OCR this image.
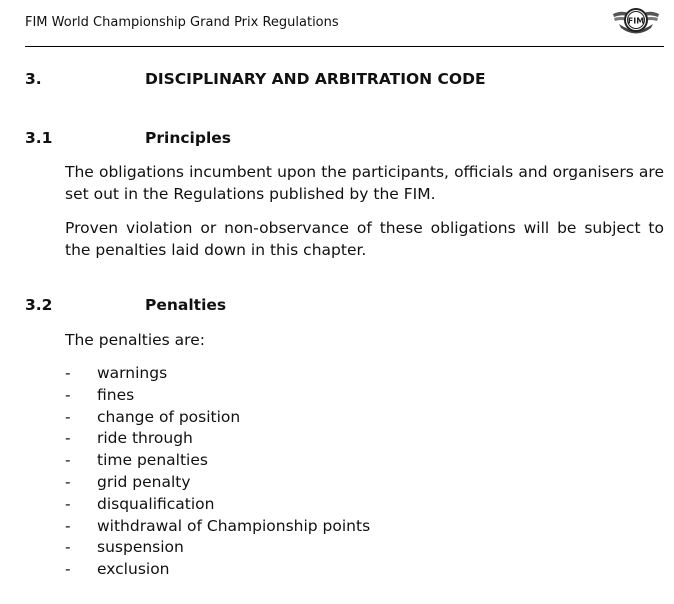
FIM World Championship Grand Prix Regulations	FIM
3.	DISCIPLINARY AND ARBITRATION CODE
3.1	Principles

The obligations incumbent upon the participants, officials and organisers are set out in the Regulations published by the FIM.

Proven violation or non-observance of these obligations will be subject to the penalties laid down in this chapter.

3.2	Penalties

The penalties are:

- warnings
- fines
- change of position
- ride through
- time penalties
- grid penalty
- disqualification
- withdrawal of Championship points
- suspension
- exclusion
